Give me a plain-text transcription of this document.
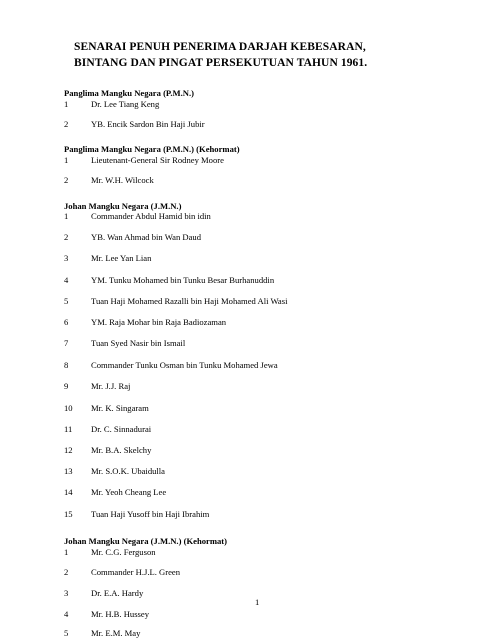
SENARAI PENUH PENERIMA DARJAH KEBESARAN,
BINTANG DAN PINGAT PERSEKUTUAN TAHUN 1961.
Panglima Mangku Negara (P.M.N.)
1	Dr. Lee Tiang Keng
2	YB. Encik Sardon Bin Haji Jubir
Panglima Mangku Negara (P.M.N.) (Kehormat)
1	Lieutenant-General Sir Rodney Moore
2	Mr. W.H. Wilcock
Johan Mangku Negara (J.M.N.)
1	Commander Abdul Hamid bin idin
2	YB. Wan Ahmad bin Wan Daud
3	Mr. Lee Yan Lian
4	YM. Tunku Mohamed bin Tunku Besar Burhanuddin
5	Tuan Haji Mohamed Razalli bin Haji Mohamed Ali Wasi
6	YM. Raja Mohar bin Raja Badiozaman
7	Tuan Syed Nasir bin Ismail
8	Commander Tunku Osman bin Tunku Mohamed Jewa
9	Mr. J.J. Raj
10	Mr. K. Singaram
11	Dr. C. Sinnadurai
12	Mr. B.A. Skelchy
13	Mr. S.O.K. Ubaidulla
14	Mr. Yeoh Cheang Lee
15	Tuan Haji Yusoff bin Haji Ibrahim
Johan Mangku Negara (J.M.N.) (Kehormat)
1	Mr. C.G. Ferguson
2	Commander H.J.L. Green
3	Dr. E.A. Hardy
4	Mr. H.B. Hussey
5	Mr. E.M. May
1
